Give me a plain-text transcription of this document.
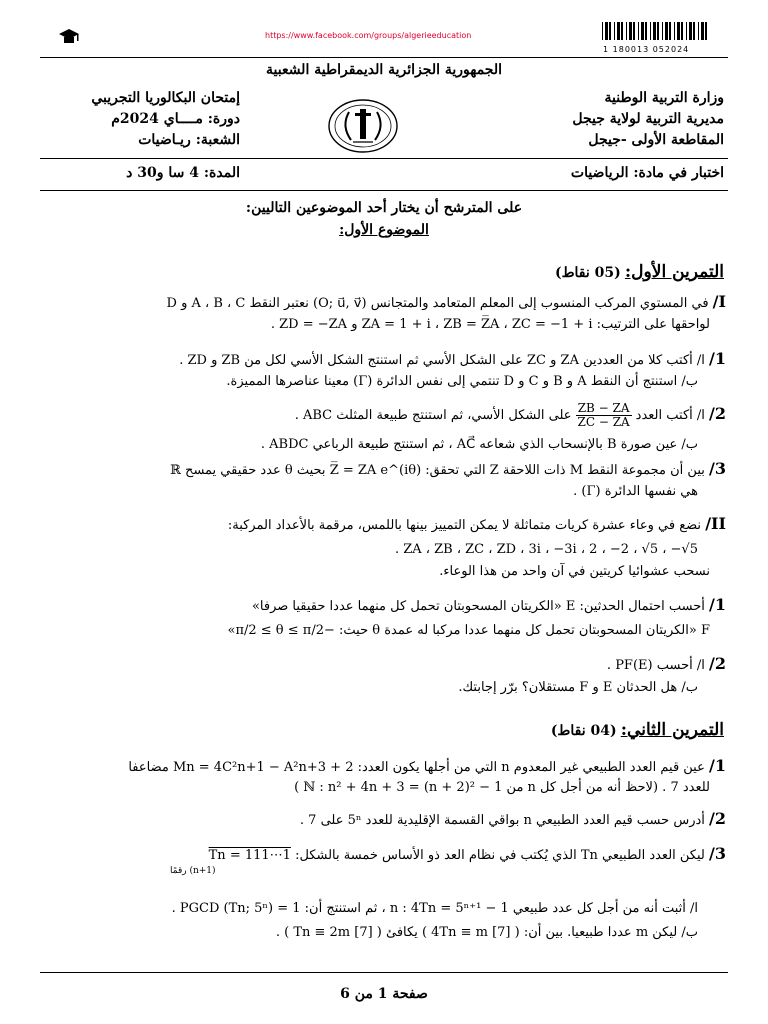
https://www.facebook.com/groups/algerieeducation
1 180013 052024
الجمهورية الجزائرية الديمقراطية الشعبية
وزارة التربية الوطنية
مديرية التربية لولاية جيجل
المقاطعة الأولى -جيجل
إمتحان البكالوريا التجريبي
دورة: مــــاي 2024م
الشعبة: ريـاضيات
اختبار في مادة: الرياضيات
المدة: 4 سا و30 د
على المترشح أن يختار أحد الموضوعين التاليين:
الموضوع الأول:
التمرين الأول: (05 نقاط)
I/ في المستوي المركب المنسوب إلى المعلم المتعامد والمتجانس (O; u⃗, v⃗) نعتبر النقط A ، B ، C و D
لواحقها على الترتيب: ZA = 1 + i ، ZB = Z̅A ، ZC = −1 + i و ZD = −ZA .
1/ ا/ أكتب كلا من العددين ZA و ZC على الشكل الأسي ثم استنتج الشكل الأسي لكل من ZB و ZD .
ب/ استنتج أن النقط A و B و C و D تنتمي إلى نفس الدائرة (Γ) معينا عناصرها المميزة.
2/ ا/ أكتب العدد
$\frac{ZB - ZA}{ZC - ZA}$
على الشكل الأسي، ثم استنتج طبيعة المثلث ABC .
ب/ عين صورة B بالإنسحاب الذي شعاعه AC⃗ ، ثم استنتج طبيعة الرباعي ABDC .
3/ بين أن مجموعة النقط M ذات اللاحقة Z التي تحقق: Z̅ = ZA e^(iθ) بحيث θ عدد حقيقي يمسح ℝ
هي نفسها الدائرة (Γ) .
II/ نضع في وعاء عشرة كريات متماثلة لا يمكن التمييز بينها باللمس، مرقمة بالأعداد المركبة:
ZA ، ZB ، ZC ، ZD ، 3i ، −3i ، 2 ، −2 ، √5 ، −√5 .
نسحب عشوائيا كريتين في آن واحد من هذا الوعاء.
1/ أحسب احتمال الحدثين: E «الكريتان المسحوبتان تحمل كل منهما عددا حقيقيا صرفا»
F «الكريتان المسحوبتان تحمل كل منهما عددا مركبا له عمدة θ حيث: −π/2 ≤ θ ≤ π/2»
2/ ا/ أحسب PF(E) .
ب/ هل الحدثان E و F مستقلان؟ برّر إجابتك.
التمرين الثاني: (04 نقاط)
1/ عين قيم العدد الطبيعي غير المعدوم n التي من أجلها يكون العدد: Mn = 4C²n+1 − A²n+3 + 2 مضاعفا
للعدد 7 . (لاحظ أنه من أجل كل n من ℕ : n² + 4n + 3 = (n + 2)² − 1 )
2/ أدرس حسب قيم العدد الطبيعي n بواقي القسمة الإقليدية للعدد 5ⁿ على 7 .
3/ ليكن العدد الطبيعي Tn الذي يُكتب في نظام العد ذو الأساس خمسة بالشكل: Tn = 111⋯1
(n+1) رقمًا
ا/ أثبت أنه من أجل كل عدد طبيعي n : 4Tn = 5ⁿ⁺¹ − 1 ، ثم استنتج أن: PGCD (Tn; 5ⁿ) = 1 .
ب/ ليكن m عددا طبيعيا. بين أن: ( 4Tn ≡ m [7] ) يكافئ ( Tn ≡ 2m [7] ) .
صفحة 1 من 6
